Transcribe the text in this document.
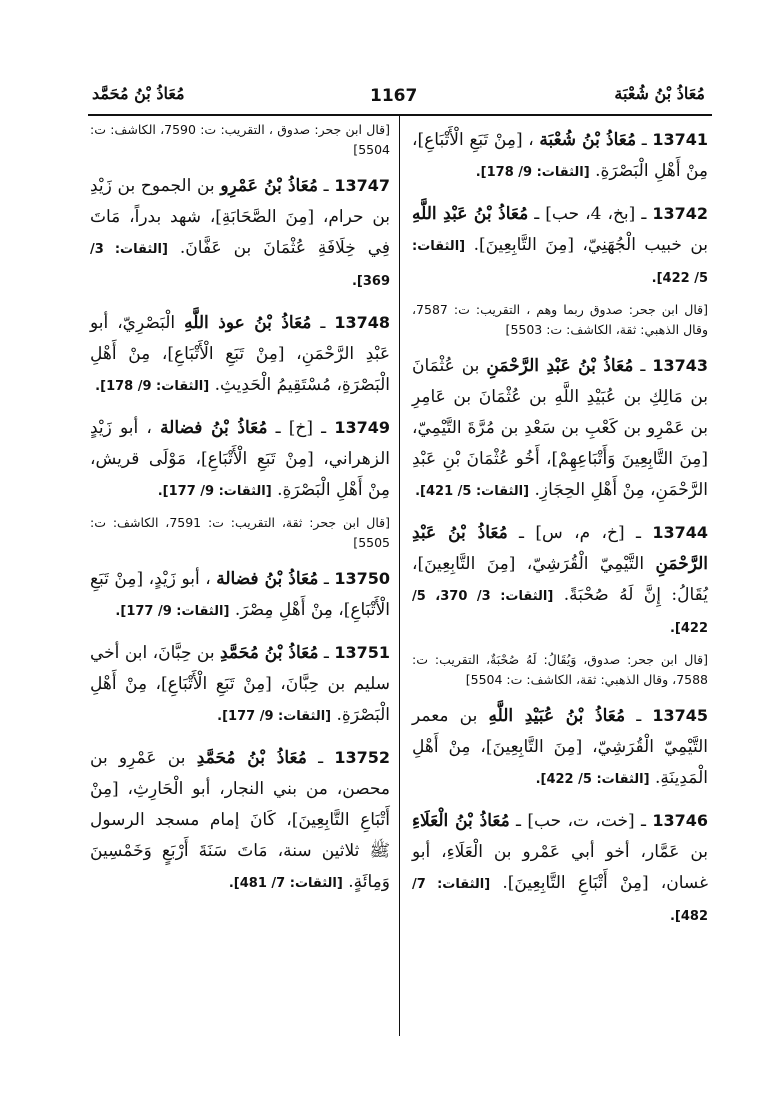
مُعَاذُ بْنُ شُعْبَة
1167
مُعَاذُ بْنُ مُحَمَّد
13741 ـ مُعَاذُ بْنُ شُعْبَة ، [مِنْ تَبَعِ الْأَتْبَاعِ]، مِنْ أَهْلِ الْبَصْرَةِ. [الثقات: 9/ 178].
13742 ـ [بخ، 4، حب] ـ مُعَاذُ بْنُ عَبْدِ اللَّهِ بن خبيب الْجُهَنِيّ، [مِنَ التَّابِعِينَ]. [الثقات: 5/ 422].
[قال ابن جحر: صدوق ربما وهم ، التقريب: ت: 7587، وقال الذهبي: ثقة، الكاشف: ت: 5503]
13743 ـ مُعَاذُ بْنُ عَبْدِ الرَّحْمَنِ بن عُثْمَانَ بن مَالِكِ بن عُبَيْدِ اللَّهِ بن عُثْمَانَ بن عَامِرِ بن عَمْرِو بن كَعْبِ بن سَعْدِ بن مُرَّةَ التَّيْمِيّ، [مِنَ التَّابِعِينَ وَأَتْبَاعِهِمْ]، أَخُو عُثْمَانَ بْنِ عَبْدِ الرَّحْمَنِ، مِنْ أَهْلِ الحِجَازِ. [الثقات: 5/ 421].
13744 ـ [خ، م، س] ـ مُعَاذُ بْنُ عَبْدِ الرَّحْمَنِ التَّيْمِيّ الْقُرَشِيّ، [مِنَ التَّابِعِينَ]، يُقَالُ: إِنَّ لَهُ صُحْبَةً. [الثقات: 3/ 370، 5/ 422].
[قال ابن جحر: صدوق، وَيُقَالُ: لَهُ صُحْبَةٌ، التقريب: ت: 7588، وقال الذهبي: ثقة، الكاشف: ت: 5504]
13745 ـ مُعَاذُ بْنُ عُبَيْدِ اللَّهِ بن معمر التَّيْمِيّ الْقُرَشِيّ، [مِنَ التَّابِعِينَ]، مِنْ أَهْلِ الْمَدِينَةِ. [الثقات: 5/ 422].
13746 ـ [خت، ت، حب] ـ مُعَاذُ بْنُ الْعَلَاءِ بن عَمَّار، أخو أبي عَمْرو بن الْعَلَاءِ، أبو غسان، [مِنْ أَتْبَاعِ التَّابِعِينَ]. [الثقات: 7/ 482].
[قال ابن جحر: صدوق ، التقريب: ت: 7590، الكاشف: ت: 5504]
13747 ـ مُعَاذُ بْنُ عَمْرِو بن الجموح بن زَيْدِ بن حرام، [مِنَ الصَّحَابَةِ]، شهد بدراً، مَاتَ فِي خِلَافَةِ عُثْمَانَ بن عَفَّانَ. [الثقات: 3/ 369].
13748 ـ مُعَاذُ بْنُ عوذ اللَّهِ الْبَصْرِيّ، أبو عَبْدِ الرَّحْمَنِ، [مِنْ تَبَعِ الْأَتْبَاعِ]، مِنْ أَهْلِ الْبَصْرَةِ، مُسْتَقِيمُ الْحَدِيثِ. [الثقات: 9/ 178].
13749 ـ [خ] ـ مُعَاذُ بْنُ فضالة ، أبو زَيْدٍ الزهراني، [مِنْ تَبَعِ الْأَتْبَاعِ]، مَوْلَى قريش، مِنْ أَهْلِ الْبَصْرَةِ. [الثقات: 9/ 177].
[قال ابن جحر: ثقة، التقريب: ت: 7591، الكاشف: ت: 5505]
13750 ـ مُعَاذُ بْنُ فضالة ، أبو زَيْدٍ، [مِنْ تَبَعِ الْأَتْبَاعِ]، مِنْ أَهْلِ مِصْرَ. [الثقات: 9/ 177].
13751 ـ مُعَاذُ بْنُ مُحَمَّدِ بن حِبَّانَ، ابن أخي سليم بن حِبَّانَ، [مِنْ تَبَعِ الْأَتْبَاعِ]، مِنْ أَهْلِ الْبَصْرَةِ. [الثقات: 9/ 177].
13752 ـ مُعَاذُ بْنُ مُحَمَّدِ بن عَمْرِو بن محصن، من بني النجار، أبو الْحَارِثِ، [مِنْ أَتْبَاعِ التَّابِعِينَ]، كَانَ إمام مسجد الرسول ﷺ ثلاثين سنة، مَاتَ سَنَةَ أَرْبَعٍ وَخَمْسِينَ وَمِائَةٍ. [الثقات: 7/ 481].
